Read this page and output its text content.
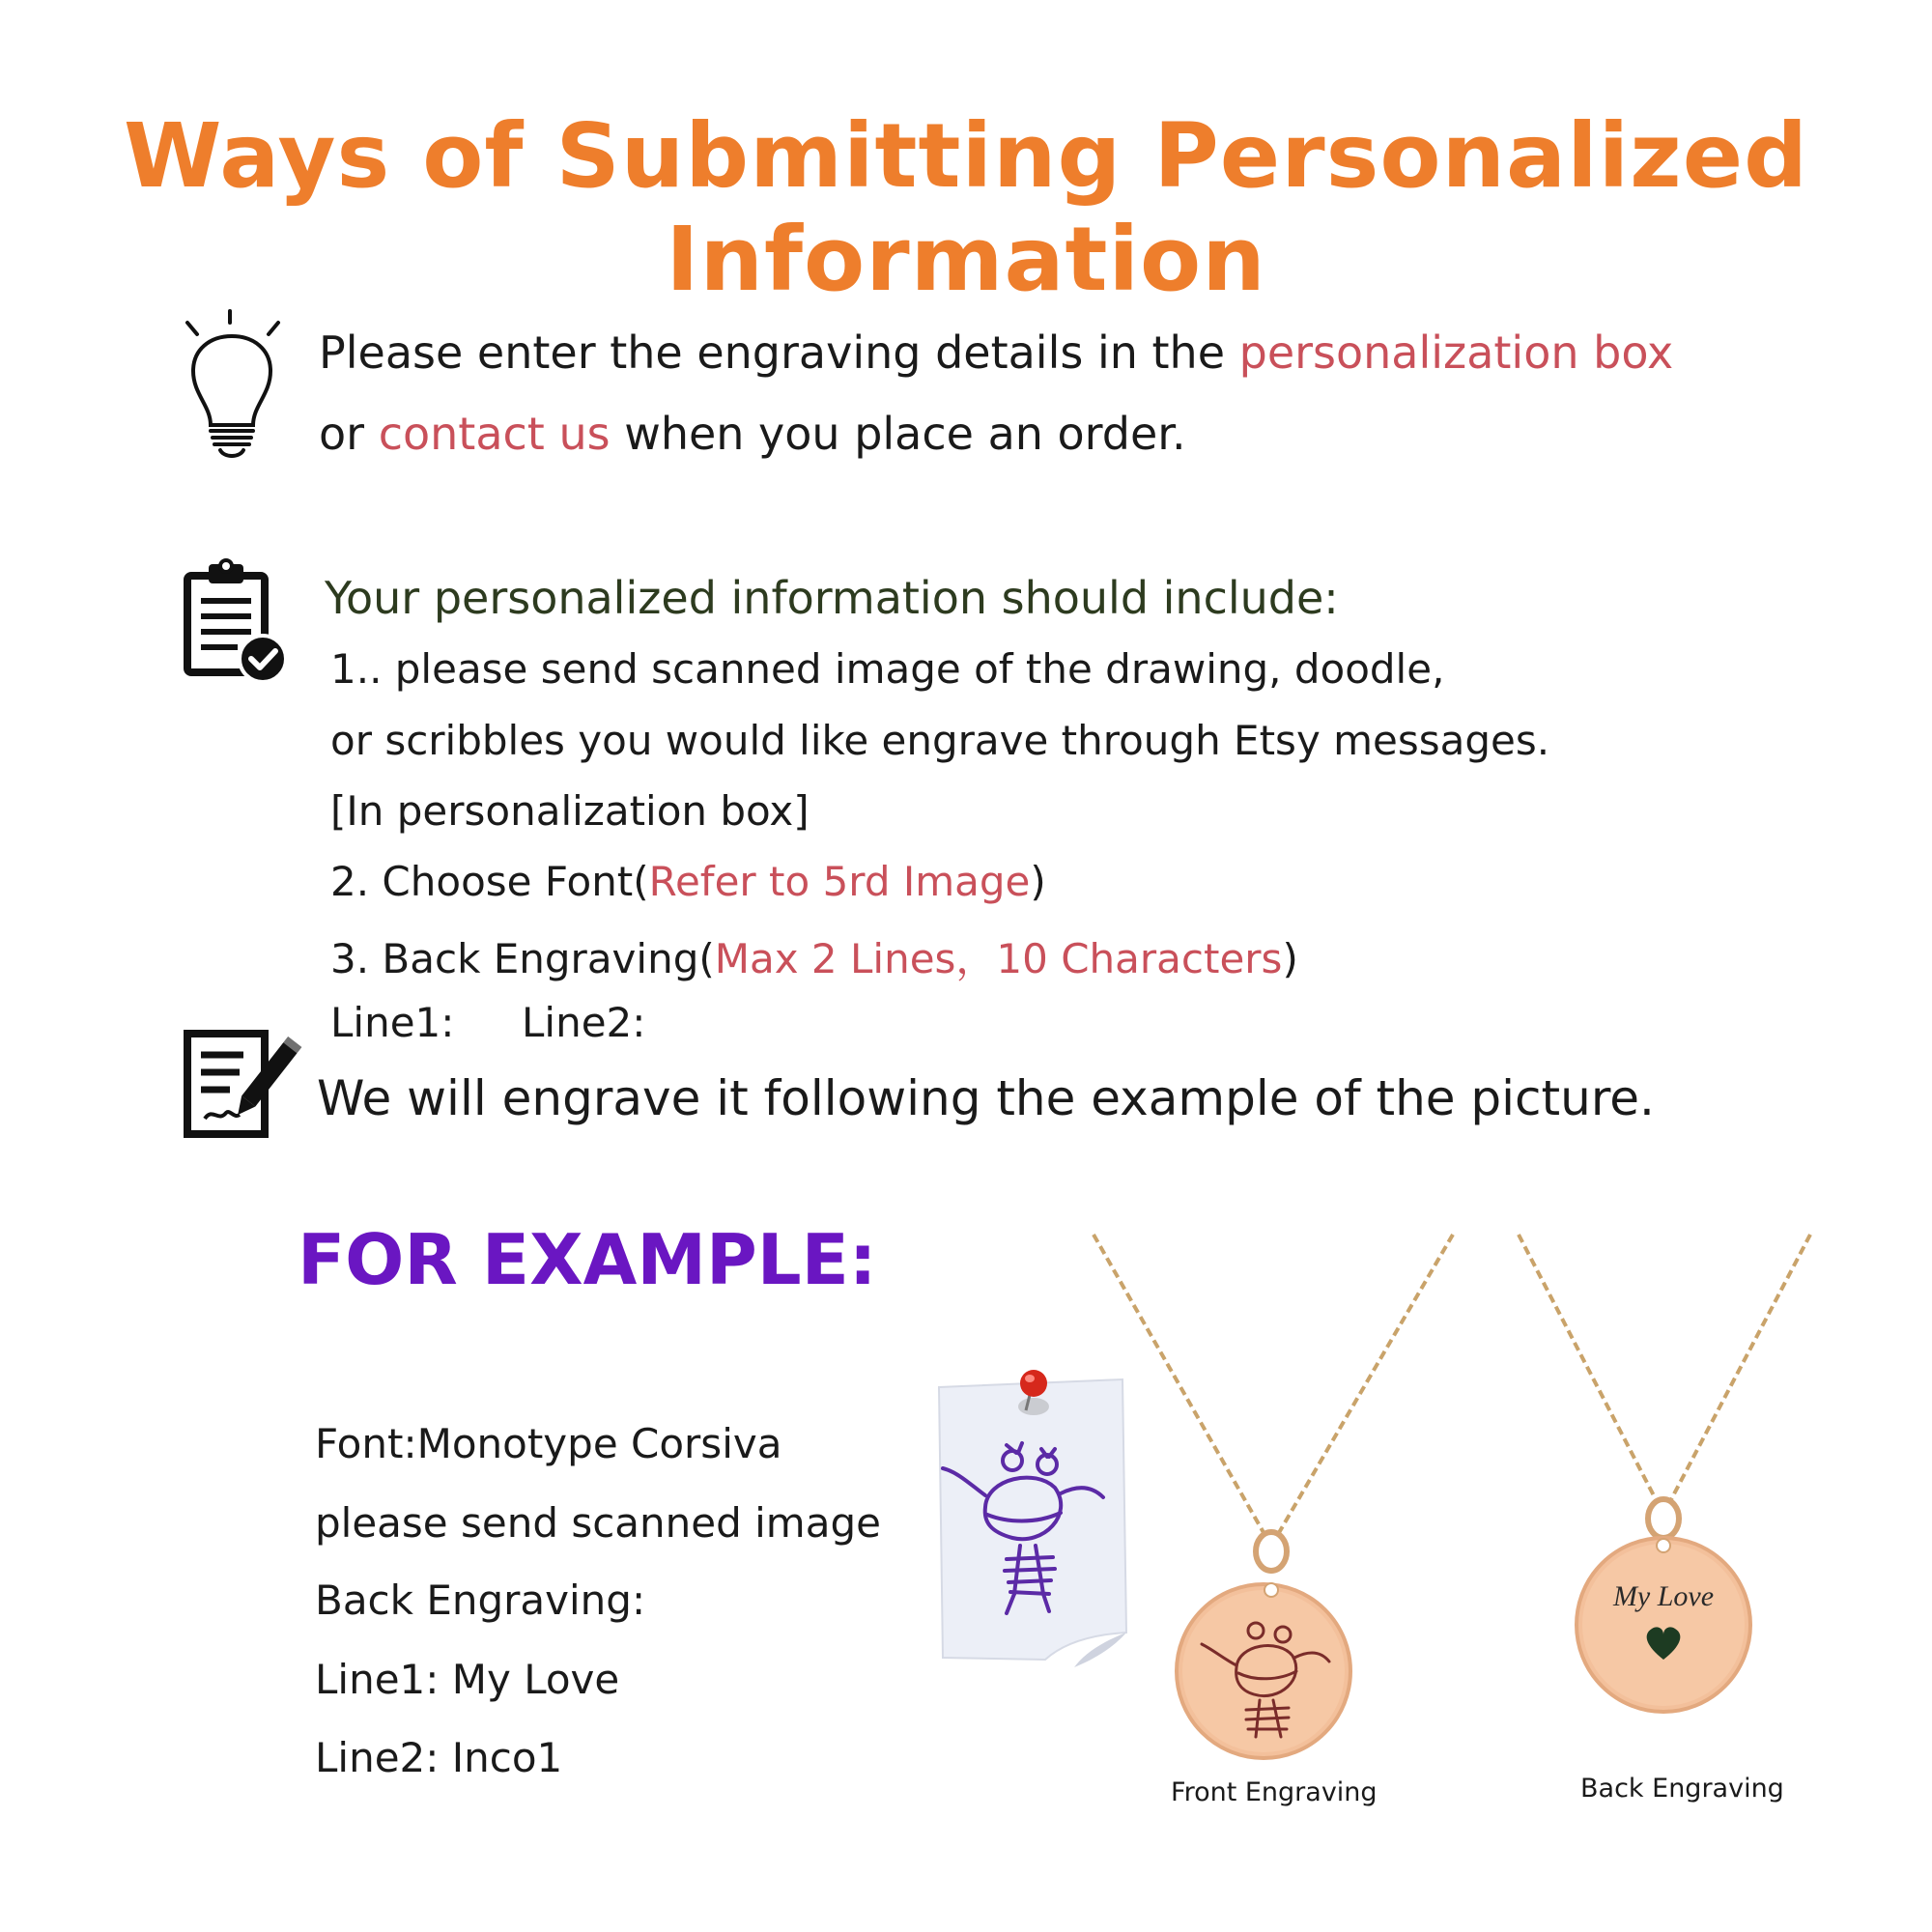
Ways of Submitting Personalized Information
Please enter the engraving details in the personalization box
or contact us when you place an order.
Your personalized information should include:
1.. please send scanned image of the drawing, doodle,
or scribbles you would like engrave through Etsy messages.
[In personalization box]
2. Choose Font(Refer to 5rd Image)
3. Back Engraving(Max 2 Lines，10 Characters)
Line1: Line2:
We will engrave it following the example of the picture.
FOR EXAMPLE:
Font:Monotype Corsiva
please send scanned image
Back Engraving:
Line1: My Love
Line2: Inco1
Front Engraving
My Love
Back Engraving
